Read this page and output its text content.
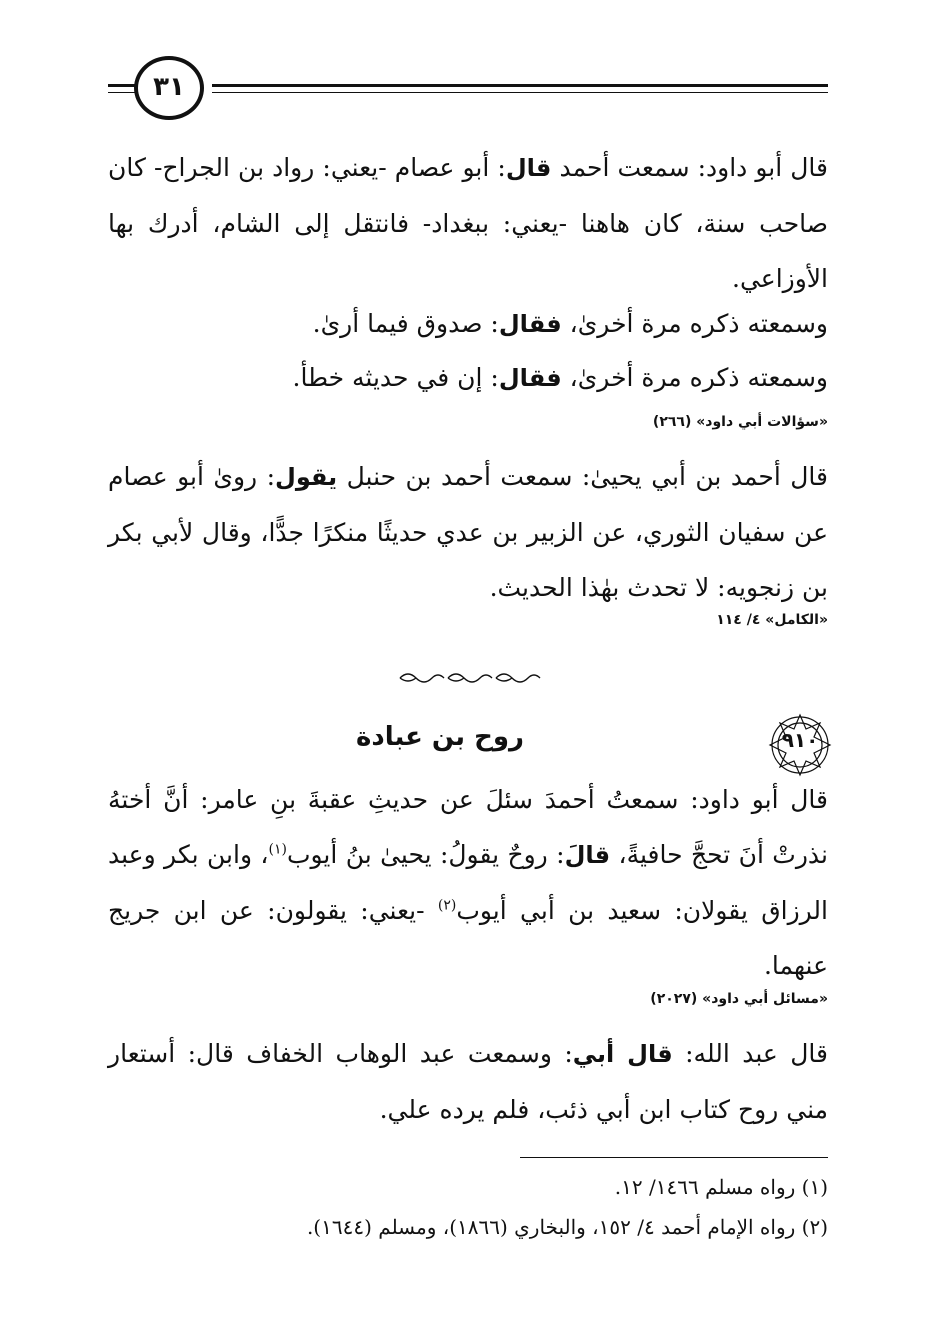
٣١
قال أبو داود: سمعت أحمد قال: أبو عصام -يعني: رواد بن الجراح- كان صاحب سنة، كان هاهنا -يعني: ببغداد- فانتقل إلى الشام، أدرك بها الأوزاعي.
وسمعته ذكره مرة أخرىٰ، فقال: صدوق فيما أرىٰ.
وسمعته ذكره مرة أخرىٰ، فقال: إن في حديثه خطأ.
«سؤالات أبي داود» (٢٦٦)
قال أحمد بن أبي يحيىٰ: سمعت أحمد بن حنبل يقول: روىٰ أبو عصام عن سفيان الثوري، عن الزبير بن عدي حديثًا منكرًا جدًّا، وقال لأبي بكر بن زنجويه: لا تحدث بهٰذا الحديث.
«الكامل» ٤/ ١١٤
٩١٠
روح بن عبادة
قال أبو داود: سمعتُ أحمدَ سئلَ عن حديثِ عقبةَ بنِ عامر: أنَّ أختهُ نذرتْ أنَ تحجَّ حافيةً، قالَ: روحٌ يقولُ: يحيىٰ بنُ أيوب$^{(١)}$، وابن بكر وعبد الرزاق يقولان: سعيد بن أبي أيوب$^{(٢)}$ -يعني: يقولون: عن ابن جريج عنهما.
«مسائل أبي داود» (٢٠٢٧)
قال عبد الله: قال أبي: وسمعت عبد الوهاب الخفاف قال: أستعار مني روح كتاب ابن أبي ذئب، فلم يرده علي.
(١) رواه مسلم ١٤٦٦/ ١٢.
(٢) رواه الإمام أحمد ٤/ ١٥٢، والبخاري (١٨٦٦)، ومسلم (١٦٤٤).
